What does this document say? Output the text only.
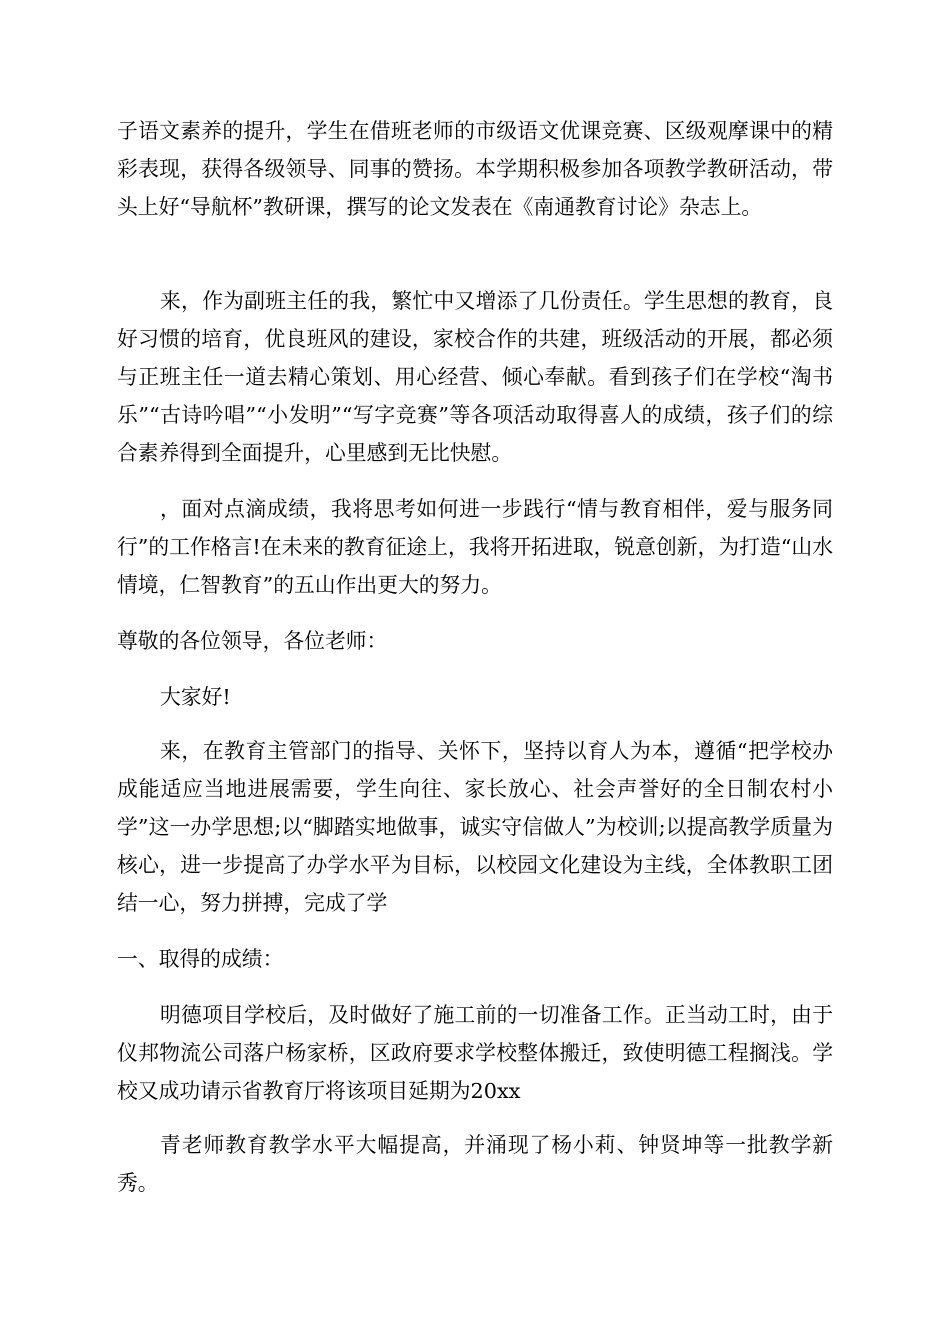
子语文素养的提升，学生在借班老师的市级语文优课竞赛、区级观摩课中的精彩表现，获得各级领导、同事的赞扬。本学期积极参加各项教学教研活动，带头上好“导航杯”教研课，撰写的论文发表在《南通教育讨论》杂志上。

来，作为副班主任的我，繁忙中又增添了几份责任。学生思想的教育，良好习惯的培育，优良班风的建设，家校合作的共建，班级活动的开展，都必须与正班主任一道去精心策划、用心经营、倾心奉献。看到孩子们在学校“淘书乐”“古诗吟唱”“小发明”“写字竞赛”等各项活动取得喜人的成绩，孩子们的综合素养得到全面提升，心里感到无比快慰。

，面对点滴成绩，我将思考如何进一步践行“情与教育相伴，爱与服务同行”的工作格言!在未来的教育征途上，我将开拓进取，锐意创新，为打造“山水情境，仁智教育”的五山作出更大的努力。

尊敬的各位领导，各位老师：

大家好!

来，在教育主管部门的指导、关怀下，坚持以育人为本，遵循“把学校办成能适应当地进展需要，学生向往、家长放心、社会声誉好的全日制农村小学”这一办学思想;以“脚踏实地做事，诚实守信做人”为校训;以提高教学质量为核心，进一步提高了办学水平为目标，以校园文化建设为主线，全体教职工团结一心，努力拼搏，完成了学

一、取得的成绩：

明德项目学校后，及时做好了施工前的一切准备工作。正当动工时，由于仪邦物流公司落户杨家桥，区政府要求学校整体搬迁，致使明德工程搁浅。学校又成功请示省教育厅将该项目延期为20xx

青老师教育教学水平大幅提高，并涌现了杨小莉、钟贤坤等一批教学新秀。
